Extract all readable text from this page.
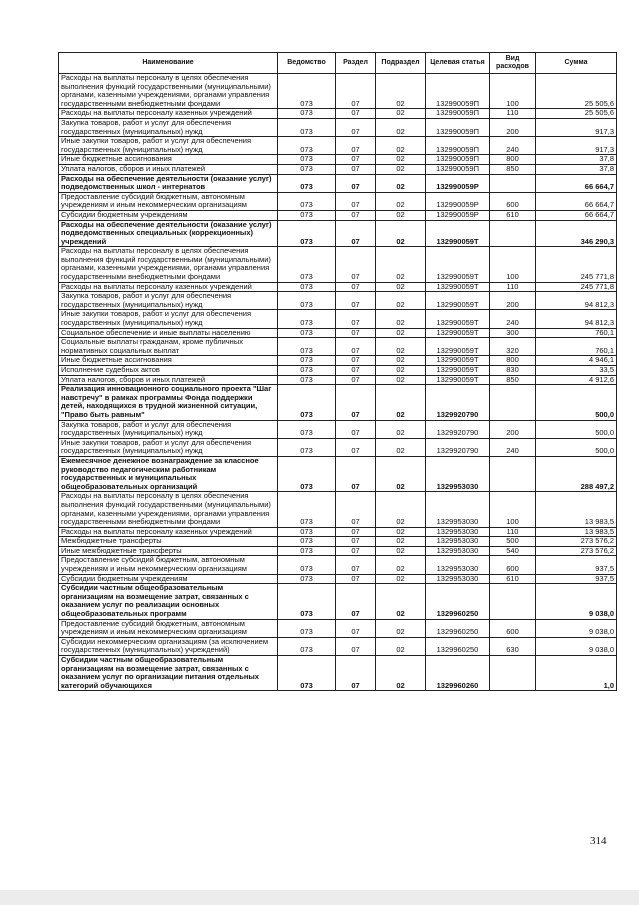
Наименование	Ведомство	Раздел	Подраздел	Целевая статья	Вид расходов	Сумма
Расходы на выплаты персоналу в целях обеспечения выполнения функций государственными (муниципальными) органами, казенными учреждениями, органами управления государственными внебюджетными фондами	073	07	02	132990059П	100	25 505,6
Расходы на выплаты персоналу казенных учреждений	073	07	02	132990059П	110	25 505,6
Закупка товаров, работ и услуг для обеспечения государственных (муниципальных) нужд	073	07	02	132990059П	200	917,3
Иные закупки товаров, работ и услуг для обеспечения государственных (муниципальных) нужд	073	07	02	132990059П	240	917,3
Иные бюджетные ассигнования	073	07	02	132990059П	800	37,8
Уплата налогов, сборов и иных платежей	073	07	02	132990059П	850	37,8
Расходы на обеспечение деятельности (оказание услуг) подведомственных школ - интернатов	073	07	02	132990059Р		66 664,7
Предоставление субсидий бюджетным, автономным учреждениям и иным некоммерческим организациям	073	07	02	132990059Р	600	66 664,7
Субсидии бюджетным учреждениям	073	07	02	132990059Р	610	66 664,7
Расходы на обеспечение деятельности (оказание услуг) подведомственных специальных (коррекционных) учреждений	073	07	02	132990059Т		346 290,3
Расходы на выплаты персоналу в целях обеспечения выполнения функций государственными (муниципальными) органами, казенными учреждениями, органами управления государственными внебюджетными фондами	073	07	02	132990059Т	100	245 771,8
Расходы на выплаты персоналу казенных учреждений	073	07	02	132990059Т	110	245 771,8
Закупка товаров, работ и услуг для обеспечения государственных (муниципальных) нужд	073	07	02	132990059Т	200	94 812,3
Иные закупки товаров, работ и услуг для обеспечения государственных (муниципальных) нужд	073	07	02	132990059Т	240	94 812,3
Социальное обеспечение и иные выплаты населению	073	07	02	132990059Т	300	760,1
Социальные выплаты гражданам, кроме публичных нормативных социальных выплат	073	07	02	132990059Т	320	760,1
Иные бюджетные ассигнования	073	07	02	132990059Т	800	4 946,1
Исполнение судебных актов	073	07	02	132990059Т	830	33,5
Уплата налогов, сборов и иных платежей	073	07	02	132990059Т	850	4 912,6
Реализация инновационного социального проекта "Шаг навстречу" в рамках программы Фонда поддержки детей, находящихся в трудной жизненной ситуации, "Право быть равным"	073	07	02	1329920790		500,0
Закупка товаров, работ и услуг для обеспечения государственных (муниципальных) нужд	073	07	02	1329920790	200	500,0
Иные закупки товаров, работ и услуг для обеспечения государственных (муниципальных) нужд	073	07	02	1329920790	240	500,0
Ежемесячное денежное вознаграждение за классное руководство педагогическим работникам государственных и муниципальных общеобразовательных организаций	073	07	02	1329953030		288 497,2
Расходы на выплаты персоналу в целях обеспечения выполнения функций государственными (муниципальными) органами, казенными учреждениями, органами управления государственными внебюджетными фондами	073	07	02	1329953030	100	13 983,5
Расходы на выплаты персоналу казенных учреждений	073	07	02	1329953030	110	13 983,5
Межбюджетные трансферты	073	07	02	1329953030	500	273 576,2
Иные межбюджетные трансферты	073	07	02	1329953030	540	273 576,2
Предоставление субсидий бюджетным, автономным учреждениям и иным некоммерческим организациям	073	07	02	1329953030	600	937,5
Субсидии бюджетным учреждениям	073	07	02	1329953030	610	937,5
Субсидии частным общеобразовательным организациям на возмещение затрат, связанных с оказанием услуг по реализации основных общеобразовательных программ	073	07	02	1329960250		9 038,0
Предоставление субсидий бюджетным, автономным учреждениям и иным некоммерческим организациям	073	07	02	1329960250	600	9 038,0
Субсидии некоммерческим организациям (за исключением государственных (муниципальных) учреждений)	073	07	02	1329960250	630	9 038,0
Субсидии частным общеобразовательным организациям на возмещение затрат, связанных с оказанием услуг по организации питания отдельных категорий обучающихся	073	07	02	1329960260		1,0
314
